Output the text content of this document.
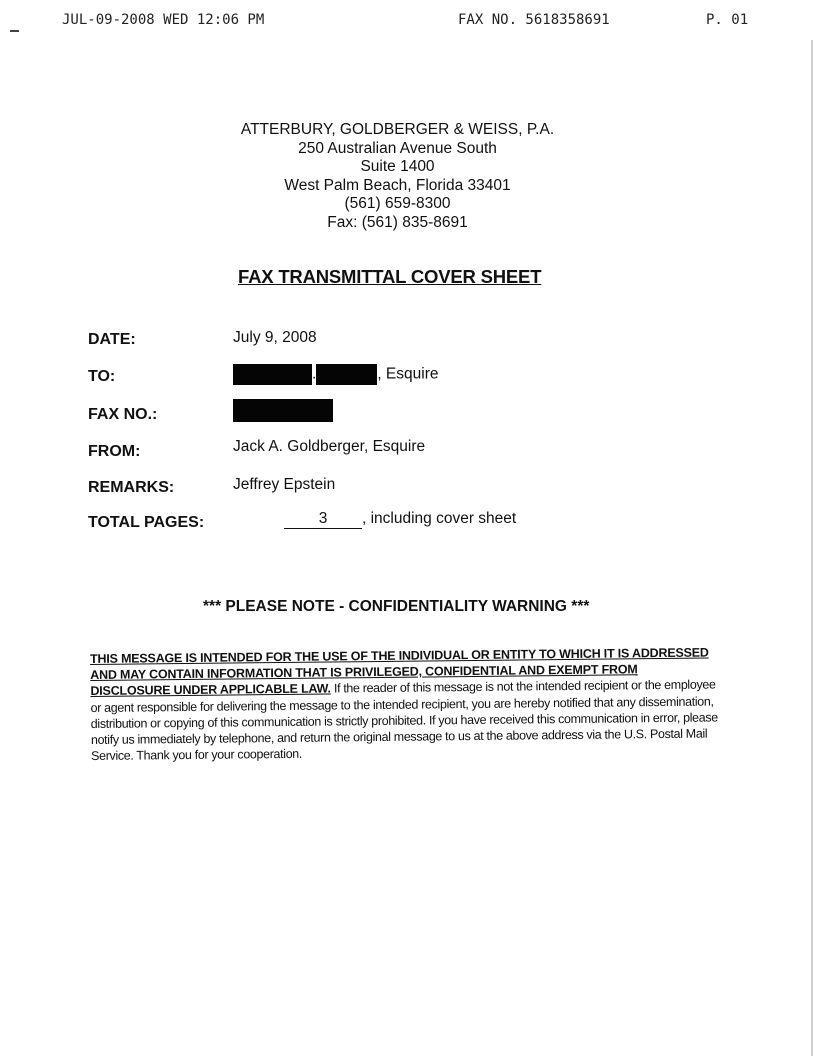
JUL-09-2008 WED 12:06 PM	FAX NO. 5618358691	P. 01
ATTERBURY, GOLDBERGER & WEISS, P.A.
250 Australian Avenue South
Suite 1400
West Palm Beach, Florida 33401
(561) 659-8300
Fax: (561) 835-8691
FAX TRANSMITTAL COVER SHEET
DATE:	July 9, 2008
TO:	.	, Esquire
FAX NO.:
FROM:	Jack A. Goldberger, Esquire
REMARKS:	Jeffrey Epstein
TOTAL PAGES:	3 , including cover sheet
*** PLEASE NOTE - CONFIDENTIALITY WARNING ***
THIS MESSAGE IS INTENDED FOR THE USE OF THE INDIVIDUAL OR ENTITY TO WHICH IT IS ADDRESSED AND MAY CONTAIN INFORMATION THAT IS PRIVILEGED, CONFIDENTIAL AND EXEMPT FROM DISCLOSURE UNDER APPLICABLE LAW. If the reader of this message is not the intended recipient or the employee or agent responsible for delivering the message to the intended recipient, you are hereby notified that any dissemination, distribution or copying of this communication is strictly prohibited. If you have received this communication in error, please notify us immediately by telephone, and return the original message to us at the above address via the U.S. Postal Mail Service. Thank you for your cooperation.
